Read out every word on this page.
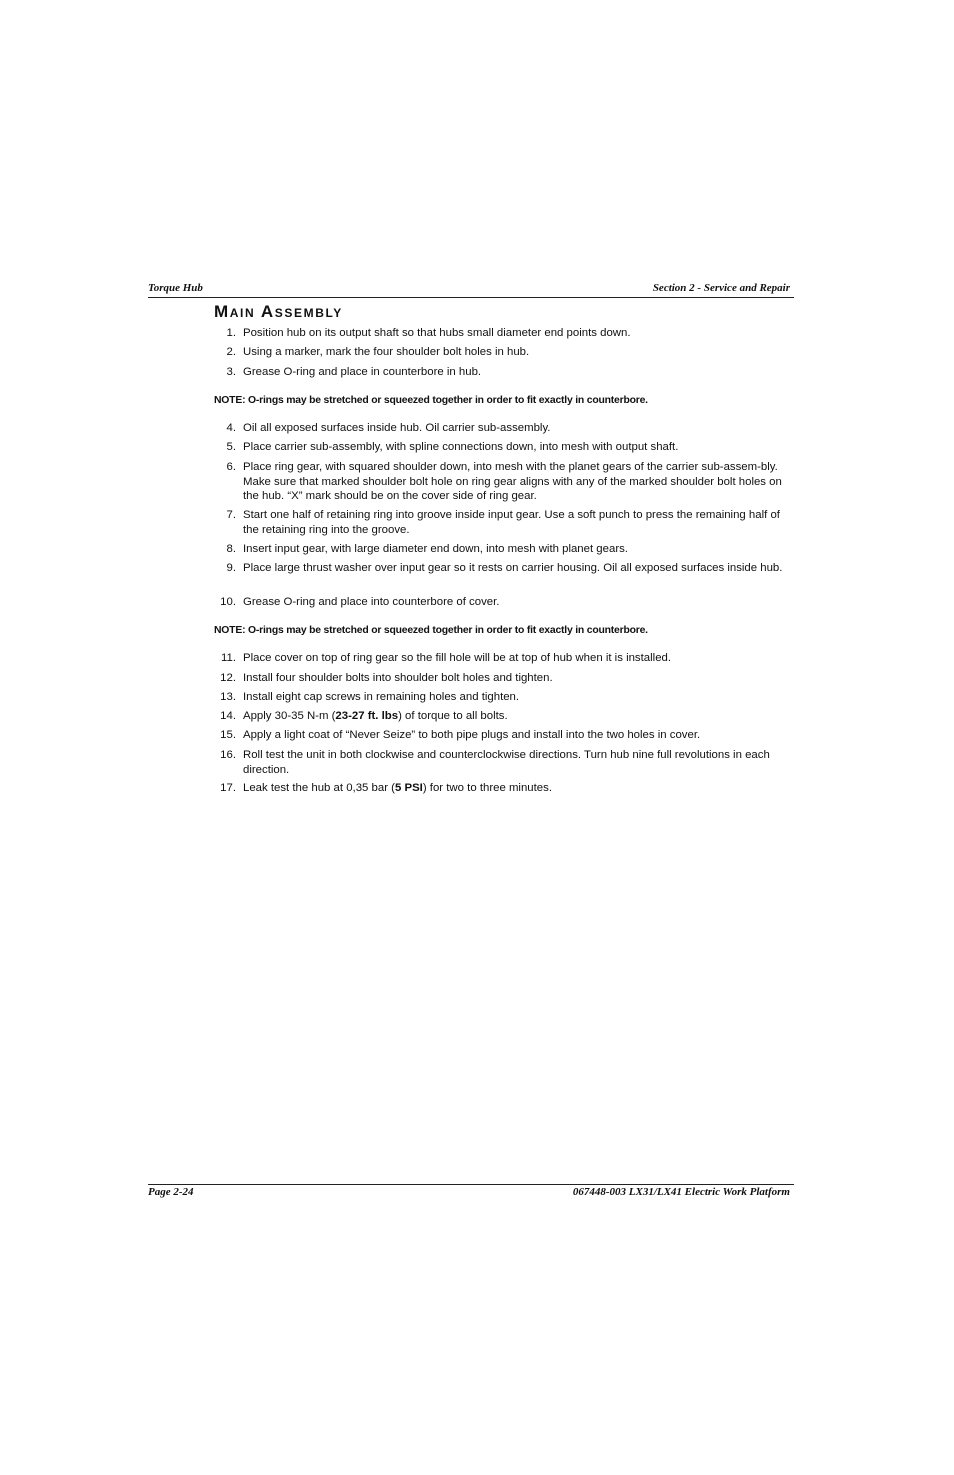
Torque Hub	Section 2 - Service and Repair
Main Assembly
1. Position hub on its output shaft so that hubs small diameter end points down.
2. Using a marker, mark the four shoulder bolt holes in hub.
3. Grease O-ring and place in counterbore in hub.
NOTE: O-rings may be stretched or squeezed together in order to fit exactly in counterbore.
4. Oil all exposed surfaces inside hub. Oil carrier sub-assembly.
5. Place carrier sub-assembly, with spline connections down, into mesh with output shaft.
6. Place ring gear, with squared shoulder down, into mesh with the planet gears of the carrier sub-assem-bly. Make sure that marked shoulder bolt hole on ring gear aligns with any of the marked shoulder bolt holes on the hub. “X” mark should be on the cover side of ring gear.
7. Start one half of retaining ring into groove inside input gear. Use a soft punch to press the remaining half of the retaining ring into the groove.
8. Insert input gear, with large diameter end down, into mesh with planet gears.
9. Place large thrust washer over input gear so it rests on carrier housing. Oil all exposed surfaces inside hub.
10. Grease O-ring and place into counterbore of cover.
NOTE: O-rings may be stretched or squeezed together in order to fit exactly in counterbore.
11. Place cover on top of ring gear so the fill hole will be at top of hub when it is installed.
12. Install four shoulder bolts into shoulder bolt holes and tighten.
13. Install eight cap screws in remaining holes and tighten.
14. Apply 30-35 N-m (23-27 ft. lbs) of torque to all bolts.
15. Apply a light coat of “Never Seize” to both pipe plugs and install into the two holes in cover.
16. Roll test the unit in both clockwise and counterclockwise directions. Turn hub nine full revolutions in each direction.
17. Leak test the hub at 0,35 bar (5 PSI) for two to three minutes.
Page 2-24	067448-003 LX31/LX41 Electric Work Platform
